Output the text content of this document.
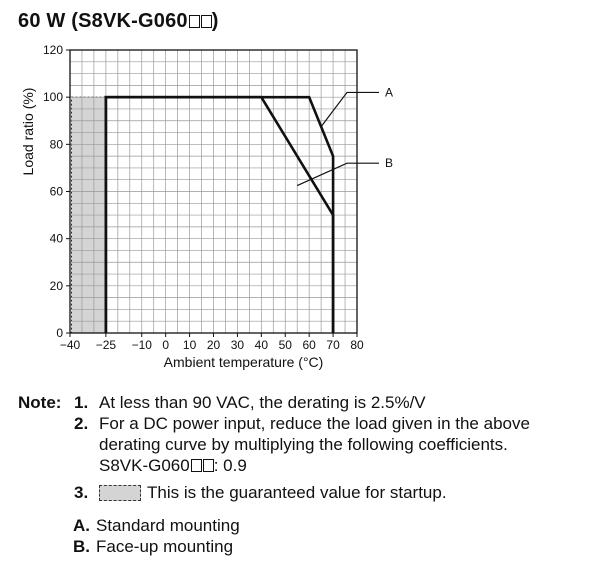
60 W (S8VK-G060 )
0
20
40
60
80
100
120
−40 −25 −10 0 10 20 30 40 50 60 70 80
Ambient temperature (°C)
Load ratio (%)	A
B
Note: 1. At less than 90 VAC, the derating is 2.5%/V
2. For a DC power input, reduce the load given in the above
derating curve by multiplying the following coefficients.
S8VK-G060 : 0.9
3.	This is the guaranteed value for startup.
A. Standard mounting
B. Face-up mounting
